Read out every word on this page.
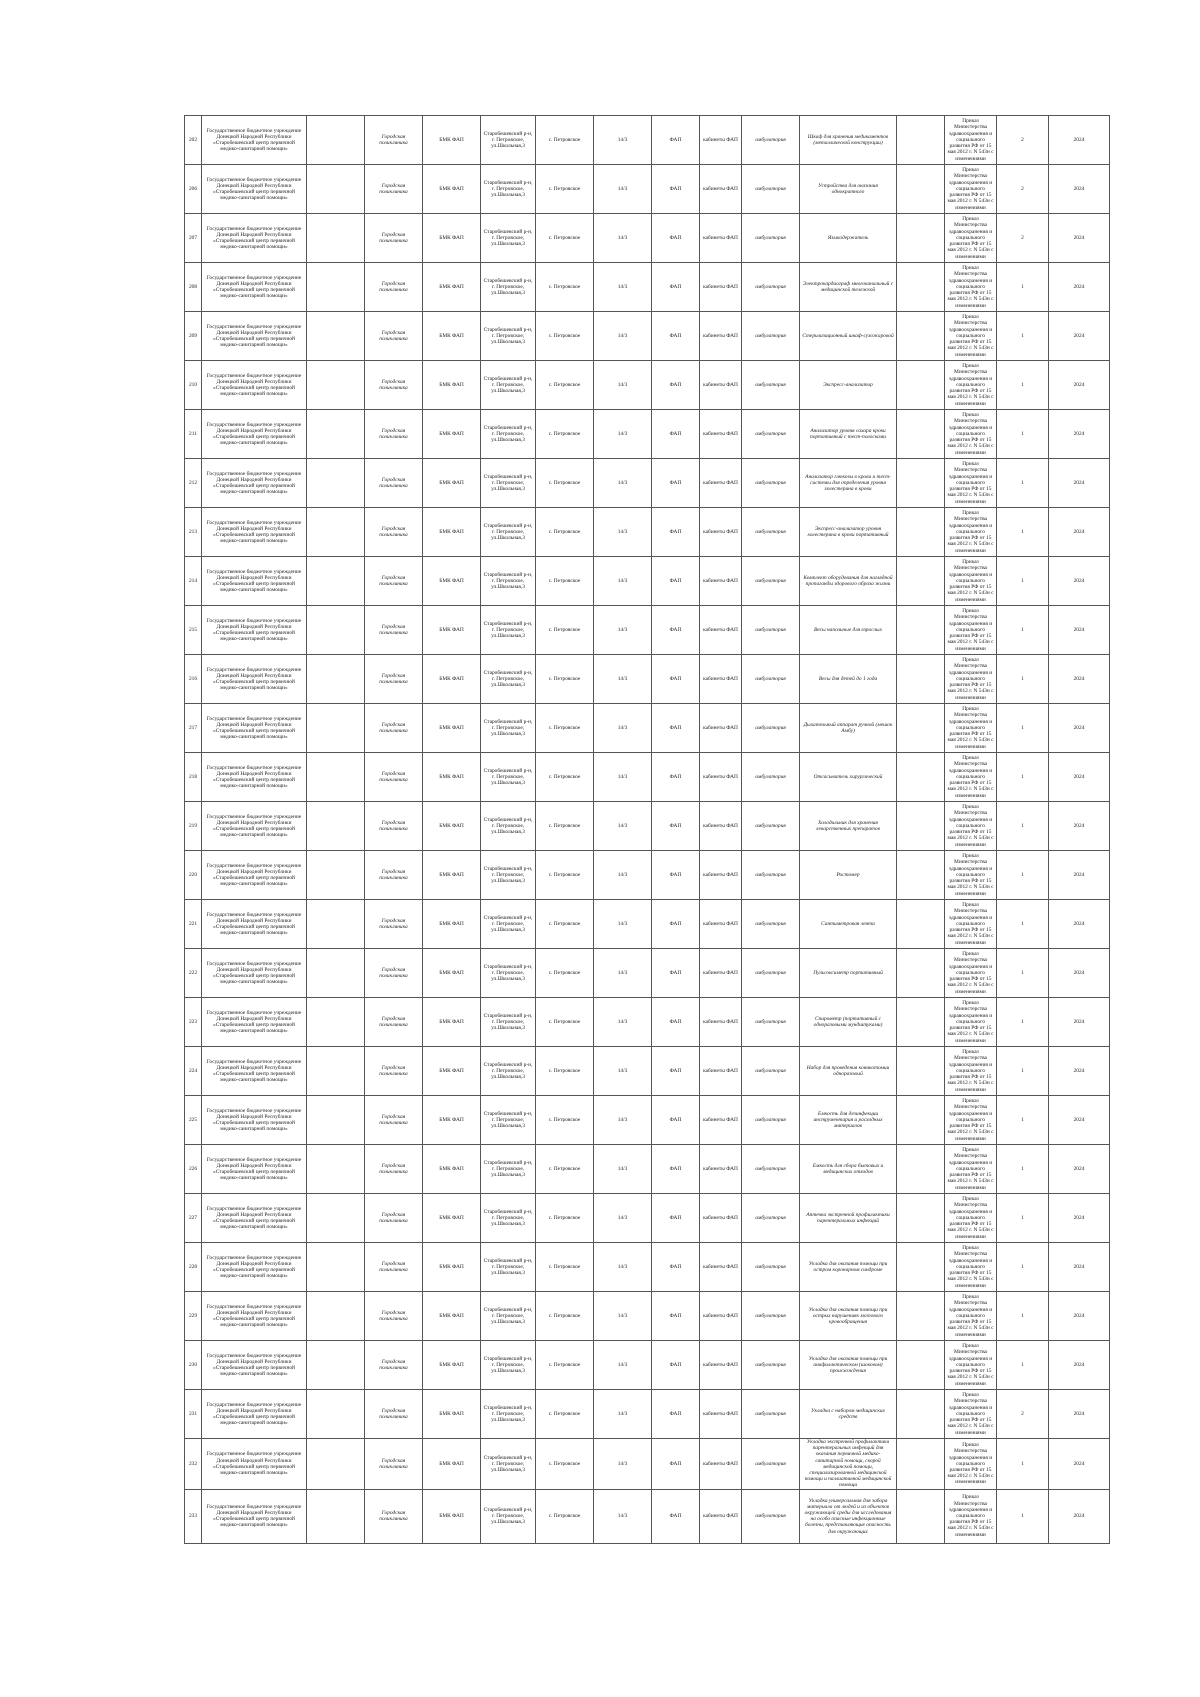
202	Государственное бюджетное учреждение Донецкой Народной Республики «Старобешевский центр первичной медико-санитарной помощи»		Городская поликлиника	БМК ФАП	Старобешевский р-н, г. Петровское, ул.Школьная,3	с. Петровское	14/3	ФАП	кабинеты ФАП	амбулатория	Шкаф для хранения медикаментов (металлической конструкции)		Приказ Министерства здравоохранения и социального развития РФ от 15 мая 2012 г. N 543н с изменениями	2	2024
206	Государственное бюджетное учреждение Донецкой Народной Республики «Старобешевский центр первичной медико-санитарной помощи»		Городская поликлиника	БМК ФАП	Старобешевский р-н, г. Петровское, ул.Школьная,3	с. Петровское	14/3	ФАП	кабинеты ФАП	амбулатория	Устройства для оказания однократного		Приказ Министерства здравоохранения и социального развития РФ от 15 мая 2012 г. N 543н с изменениями	2	2024
207	Государственное бюджетное учреждение Донецкой Народной Республики «Старобешевский центр первичной медико-санитарной помощи»		Городская поликлиника	БМК ФАП	Старобешевский р-н, г. Петровское, ул.Школьная,3	с. Петровское	14/3	ФАП	кабинеты ФАП	амбулатория	Языкодержатель		Приказ Министерства здравоохранения и социального развития РФ от 15 мая 2012 г. N 543н с изменениями	2	2024
208	Государственное бюджетное учреждение Донецкой Народной Республики «Старобешевский центр первичной медико-санитарной помощи»		Городская поликлиника	БМК ФАП	Старобешевский р-н, г. Петровское, ул.Школьная,3	с. Петровское	14/3	ФАП	кабинеты ФАП	амбулатория	Электрокардиограф многоканальный с медицинской тележкой		Приказ Министерства здравоохранения и социального развития РФ от 15 мая 2012 г. N 543н с изменениями	1	2024
209	Государственное бюджетное учреждение Донецкой Народной Республики «Старобешевский центр первичной медико-санитарной помощи»		Городская поликлиника	БМК ФАП	Старобешевский р-н, г. Петровское, ул.Школьная,3	с. Петровское	14/3	ФАП	кабинеты ФАП	амбулатория	Стерилизационный шкаф-сухожаровой		Приказ Министерства здравоохранения и социального развития РФ от 15 мая 2012 г. N 543н с изменениями	1	2024
210	Государственное бюджетное учреждение Донецкой Народной Республики «Старобешевский центр первичной медико-санитарной помощи»		Городская поликлиника	БМК ФАП	Старобешевский р-н, г. Петровское, ул.Школьная,3	с. Петровское	14/3	ФАП	кабинеты ФАП	амбулатория	Экспресс-анализатор		Приказ Министерства здравоохранения и социального развития РФ от 15 мая 2012 г. N 543н с изменениями	1	2024
211	Государственное бюджетное учреждение Донецкой Народной Республики «Старобешевский центр первичной медико-санитарной помощи»		Городская поликлиника	БМК ФАП	Старобешевский р-н, г. Петровское, ул.Школьная,3	с. Петровское	14/3	ФАП	кабинеты ФАП	амбулатория	Анализатор уровня сахара крови портативный с тест-полосками		Приказ Министерства здравоохранения и социального развития РФ от 15 мая 2012 г. N 543н с изменениями	1	2024
212	Государственное бюджетное учреждение Донецкой Народной Республики «Старобешевский центр первичной медико-санитарной помощи»		Городская поликлиника	БМК ФАП	Старобешевский р-н, г. Петровское, ул.Школьная,3	с. Петровское	14/3	ФАП	кабинеты ФАП	амбулатория	Анализатор глюкозы в крови и тест-системы для определения уровня холестерина в крови		Приказ Министерства здравоохранения и социального развития РФ от 15 мая 2012 г. N 543н с изменениями	1	2024
213	Государственное бюджетное учреждение Донецкой Народной Республики «Старобешевский центр первичной медико-санитарной помощи»		Городская поликлиника	БМК ФАП	Старобешевский р-н, г. Петровское, ул.Школьная,3	с. Петровское	14/3	ФАП	кабинеты ФАП	амбулатория	Экспресс-анализатор уровня холестерина в крови портативный		Приказ Министерства здравоохранения и социального развития РФ от 15 мая 2012 г. N 543н с изменениями	1	2024
214	Государственное бюджетное учреждение Донецкой Народной Республики «Старобешевский центр первичной медико-санитарной помощи»		Городская поликлиника	БМК ФАП	Старобешевский р-н, г. Петровское, ул.Школьная,3	с. Петровское	14/3	ФАП	кабинеты ФАП	амбулатория	Комплект оборудования для наглядной пропаганды здорового образа жизни		Приказ Министерства здравоохранения и социального развития РФ от 15 мая 2012 г. N 543н с изменениями	1	2024
215	Государственное бюджетное учреждение Донецкой Народной Республики «Старобешевский центр первичной медико-санитарной помощи»		Городская поликлиника	БМК ФАП	Старобешевский р-н, г. Петровское, ул.Школьная,3	с. Петровское	14/3	ФАП	кабинеты ФАП	амбулатория	Весы напольные для взрослых		Приказ Министерства здравоохранения и социального развития РФ от 15 мая 2012 г. N 543н с изменениями	1	2024
216	Государственное бюджетное учреждение Донецкой Народной Республики «Старобешевский центр первичной медико-санитарной помощи»		Городская поликлиника	БМК ФАП	Старобешевский р-н, г. Петровское, ул.Школьная,3	с. Петровское	14/3	ФАП	кабинеты ФАП	амбулатория	Весы для детей до 1 года		Приказ Министерства здравоохранения и социального развития РФ от 15 мая 2012 г. N 543н с изменениями	1	2024
217	Государственное бюджетное учреждение Донецкой Народной Республики «Старобешевский центр первичной медико-санитарной помощи»		Городская поликлиника	БМК ФАП	Старобешевский р-н, г. Петровское, ул.Школьная,3	с. Петровское	14/3	ФАП	кабинеты ФАП	амбулатория	Дыхательный аппарат ручной (мешок Амбу)		Приказ Министерства здравоохранения и социального развития РФ от 15 мая 2012 г. N 543н с изменениями	1	2024
218	Государственное бюджетное учреждение Донецкой Народной Республики «Старобешевский центр первичной медико-санитарной помощи»		Городская поликлиника	БМК ФАП	Старобешевский р-н, г. Петровское, ул.Школьная,3	с. Петровское	14/3	ФАП	кабинеты ФАП	амбулатория	Отсасыватель хирургический		Приказ Министерства здравоохранения и социального развития РФ от 15 мая 2012 г. N 543н с изменениями	1	2024
219	Государственное бюджетное учреждение Донецкой Народной Республики «Старобешевский центр первичной медико-санитарной помощи»		Городская поликлиника	БМК ФАП	Старобешевский р-н, г. Петровское, ул.Школьная,3	с. Петровское	14/3	ФАП	кабинеты ФАП	амбулатория	Холодильник для хранения лекарственных препаратов		Приказ Министерства здравоохранения и социального развития РФ от 15 мая 2012 г. N 543н с изменениями	1	2024
220	Государственное бюджетное учреждение Донецкой Народной Республики «Старобешевский центр первичной медико-санитарной помощи»		Городская поликлиника	БМК ФАП	Старобешевский р-н, г. Петровское, ул.Школьная,3	с. Петровское	14/3	ФАП	кабинеты ФАП	амбулатория	Ростомер		Приказ Министерства здравоохранения и социального развития РФ от 15 мая 2012 г. N 543н с изменениями	1	2024
221	Государственное бюджетное учреждение Донецкой Народной Республики «Старобешевский центр первичной медико-санитарной помощи»		Городская поликлиника	БМК ФАП	Старобешевский р-н, г. Петровское, ул.Школьная,3	с. Петровское	14/3	ФАП	кабинеты ФАП	амбулатория	Сантиметровая лента		Приказ Министерства здравоохранения и социального развития РФ от 15 мая 2012 г. N 543н с изменениями	1	2024
222	Государственное бюджетное учреждение Донецкой Народной Республики «Старобешевский центр первичной медико-санитарной помощи»		Городская поликлиника	БМК ФАП	Старобешевский р-н, г. Петровское, ул.Школьная,3	с. Петровское	14/3	ФАП	кабинеты ФАП	амбулатория	Пульсоксиметр портативный		Приказ Министерства здравоохранения и социального развития РФ от 15 мая 2012 г. N 543н с изменениями	1	2024
223	Государственное бюджетное учреждение Донецкой Народной Республики «Старобешевский центр первичной медико-санитарной помощи»		Городская поликлиника	БМК ФАП	Старобешевский р-н, г. Петровское, ул.Школьная,3	с. Петровское	14/3	ФАП	кабинеты ФАП	амбулатория	Спирометр (портативный с одноразовыми мундштуками)		Приказ Министерства здравоохранения и социального развития РФ от 15 мая 2012 г. N 543н с изменениями	1	2024
224	Государственное бюджетное учреждение Донецкой Народной Республики «Старобешевский центр первичной медико-санитарной помощи»		Городская поликлиника	БМК ФАП	Старобешевский р-н, г. Петровское, ул.Школьная,3	с. Петровское	14/3	ФАП	кабинеты ФАП	амбулатория	Набор для проведения коникотомии одноразовый		Приказ Министерства здравоохранения и социального развития РФ от 15 мая 2012 г. N 543н с изменениями	1	2024
225	Государственное бюджетное учреждение Донецкой Народной Республики «Старобешевский центр первичной медико-санитарной помощи»		Городская поликлиника	БМК ФАП	Старобешевский р-н, г. Петровское, ул.Школьная,3	с. Петровское	14/3	ФАП	кабинеты ФАП	амбулатория	Емкость для дезинфекции инструментария и расходных материалов		Приказ Министерства здравоохранения и социального развития РФ от 15 мая 2012 г. N 543н с изменениями	1	2024
226	Государственное бюджетное учреждение Донецкой Народной Республики «Старобешевский центр первичной медико-санитарной помощи»		Городская поликлиника	БМК ФАП	Старобешевский р-н, г. Петровское, ул.Школьная,3	с. Петровское	14/3	ФАП	кабинеты ФАП	амбулатория	Емкость для сбора бытовых и медицинских отходов		Приказ Министерства здравоохранения и социального развития РФ от 15 мая 2012 г. N 543н с изменениями	1	2024
227	Государственное бюджетное учреждение Донецкой Народной Республики «Старобешевский центр первичной медико-санитарной помощи»		Городская поликлиника	БМК ФАП	Старобешевский р-н, г. Петровское, ул.Школьная,3	с. Петровское	14/3	ФАП	кабинеты ФАП	амбулатория	Аптечка экстренной профилактики парентеральных инфекций		Приказ Министерства здравоохранения и социального развития РФ от 15 мая 2012 г. N 543н с изменениями	1	2024
228	Государственное бюджетное учреждение Донецкой Народной Республики «Старобешевский центр первичной медико-санитарной помощи»		Городская поликлиника	БМК ФАП	Старобешевский р-н, г. Петровское, ул.Школьная,3	с. Петровское	14/3	ФАП	кабинеты ФАП	амбулатория	Укладка для оказания помощи при остром коронарном синдроме		Приказ Министерства здравоохранения и социального развития РФ от 15 мая 2012 г. N 543н с изменениями	1	2024
229	Государственное бюджетное учреждение Донецкой Народной Республики «Старобешевский центр первичной медико-санитарной помощи»		Городская поликлиника	БМК ФАП	Старобешевский р-н, г. Петровское, ул.Школьная,3	с. Петровское	14/3	ФАП	кабинеты ФАП	амбулатория	Укладка для оказания помощи при острых нарушениях мозгового кровообращения		Приказ Министерства здравоохранения и социального развития РФ от 15 мая 2012 г. N 543н с изменениями	1	2024
230	Государственное бюджетное учреждение Донецкой Народной Республики «Старобешевский центр первичной медико-санитарной помощи»		Городская поликлиника	БМК ФАП	Старобешевский р-н, г. Петровское, ул.Школьная,3	с. Петровское	14/3	ФАП	кабинеты ФАП	амбулатория	Укладка для оказания помощи при анафилактическом (шоковом) происхождения		Приказ Министерства здравоохранения и социального развития РФ от 15 мая 2012 г. N 543н с изменениями	1	2024
231	Государственное бюджетное учреждение Донецкой Народной Республики «Старобешевский центр первичной медико-санитарной помощи»		Городская поликлиника	БМК ФАП	Старобешевский р-н, г. Петровское, ул.Школьная,3	с. Петровское	14/3	ФАП	кабинеты ФАП	амбулатория	Укладка с набором медицинских средств		Приказ Министерства здравоохранения и социального развития РФ от 15 мая 2012 г. N 543н с изменениями	2	2024
232	Государственное бюджетное учреждение Донецкой Народной Республики «Старобешевский центр первичной медико-санитарной помощи»		Городская поликлиника	БМК ФАП	Старобешевский р-н, г. Петровское, ул.Школьная,3	с. Петровское	14/3	ФАП	кабинеты ФАП	амбулатория	Укладка экстренной профилактики парентеральных инфекций для оказания первичной медико-санитарной помощи, скорой медицинской помощи, специализированной медицинской помощи и паллиативной медицинской помощи		Приказ Министерства здравоохранения и социального развития РФ от 15 мая 2012 г. N 543н с изменениями	1	2024
233	Государственное бюджетное учреждение Донецкой Народной Республики «Старобешевский центр первичной медико-санитарной помощи»		Городская поликлиника	БМК ФАП	Старобешевский р-н, г. Петровское, ул.Школьная,3	с. Петровское	14/3	ФАП	кабинеты ФАП	амбулатория	Укладка универсальная для забора материала от людей и из объектов окружающей среды для исследования на особо опасные инфекционные болезни, представляющие опасность для окружающих		Приказ Министерства здравоохранения и социального развития РФ от 15 мая 2012 г. N 543н с изменениями	1	2024
